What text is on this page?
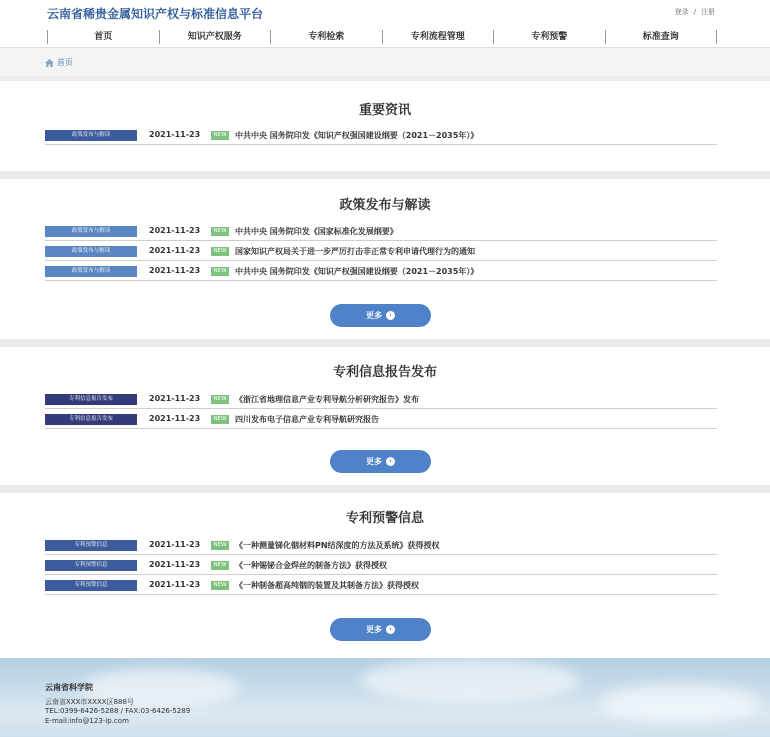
云南省稀贵金属知识产权与标准信息平台	登录 / 注册
首页	知识产权服务	专利检索	专利流程管理	专利预警	标准查询
首页
重要资讯
政策发布与解读	2021-11-23	NEW	中共中央 国务院印发《知识产权强国建设纲要（2021－2035年）》
政策发布与解读
政策发布与解读	2021-11-23	NEW	中共中央 国务院印发《国家标准化发展纲要》
政策发布与解读	2021-11-23	NEW	国家知识产权局关于进一步严厉打击非正常专利申请代理行为的通知
政策发布与解读	2021-11-23	NEW	中共中央 国务院印发《知识产权强国建设纲要（2021－2035年）》
更多	›
专利信息报告发布
专利信息报告发布	2021-11-23	NEW	《浙江省地理信息产业专利导航分析研究报告》发布
专利信息报告发布	2021-11-23	NEW	四川发布电子信息产业专利导航研究报告
更多	›
专利预警信息
专利预警信息	2021-11-23	NEW	《一种测量锑化铟材料PN结深度的方法及系统》获得授权
专利预警信息	2021-11-23	NEW	《一种锡铋合金焊丝的制备方法》获得授权
专利预警信息	2021-11-23	NEW	《一种制备超高纯铟的装置及其制备方法》获得授权
更多	›
云南省科学院
云南省XXX市XXXX区888号
TEL:0399-6426-5288 / FAX:03-6426-5289
E-mail:info@123-ip.com
